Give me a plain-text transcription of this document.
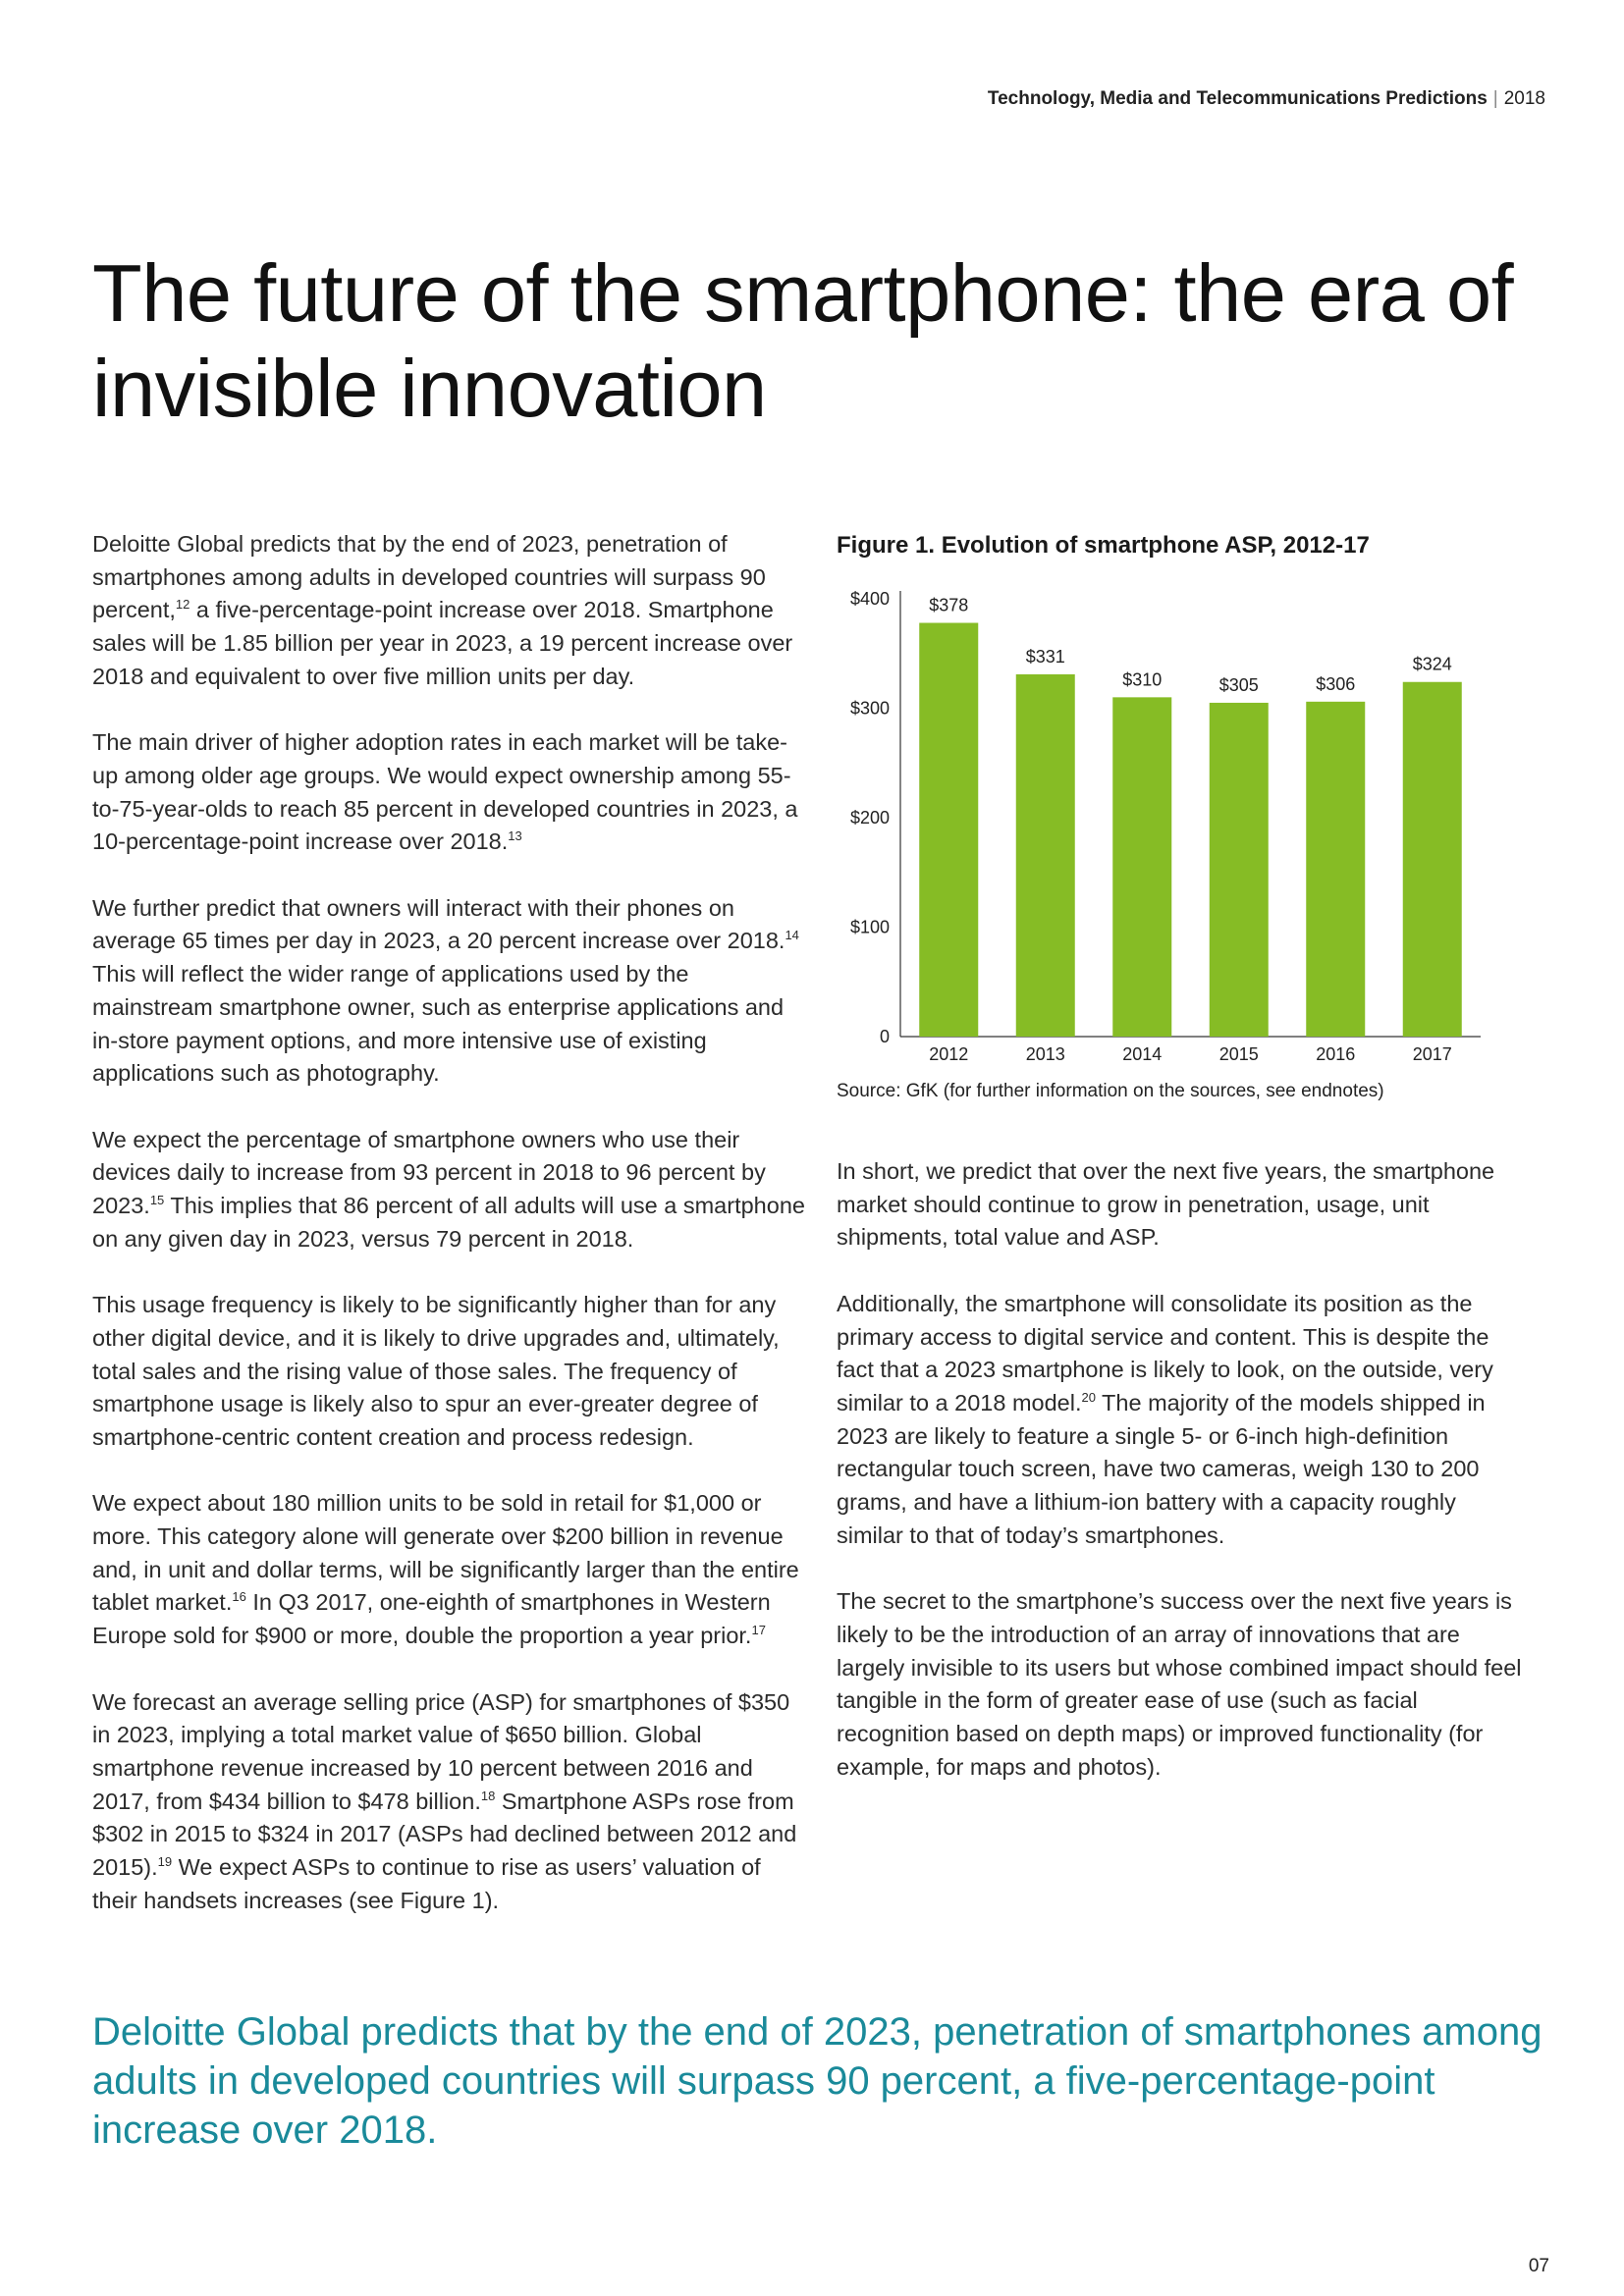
Technology, Media and Telecommunications Predictions | 2018
The future of the smartphone: the era of invisible innovation

Deloitte Global predicts that by the end of 2023, penetration of smartphones among adults in developed countries will surpass 90 percent,$^{12}$ a five-percentage-point increase over 2018. Smartphone sales will be 1.85 billion per year in 2023, a 19 percent increase over 2018 and equivalent to over five million units per day.

The main driver of higher adoption rates in each market will be take-up among older age groups. We would expect ownership among 55-to-75-year-olds to reach 85 percent in developed countries in 2023, a 10-percentage-point increase over 2018.13

We further predict that owners will interact with their phones on average 65 times per day in 2023, a 20 percent increase over 2018.14 This will reflect the wider range of applications used by the mainstream smartphone owner, such as enterprise applications and in-store payment options, and more intensive use of existing applications such as photography.

We expect the percentage of smartphone owners who use their devices daily to increase from 93 percent in 2018 to 96 percent by 2023.15 This implies that 86 percent of all adults will use a smartphone on any given day in 2023, versus 79 percent in 2018.

This usage frequency is likely to be significantly higher than for any other digital device, and it is likely to drive upgrades and, ultimately, total sales and the rising value of those sales. The frequency of smartphone usage is likely also to spur an ever-greater degree of smartphone-centric content creation and process redesign.

We expect about 180 million units to be sold in retail for $1,000 or more. This category alone will generate over $200 billion in revenue and, in unit and dollar terms, will be significantly larger than the entire tablet market.$^{16}$ In Q3 2017, one-eighth of smartphones in Western Europe sold for $900 or more, double the proportion a year prior.$^{17}$

We forecast an average selling price (ASP) for smartphones of $350 in 2023, implying a total market value of $650 billion. Global smartphone revenue increased by 10 percent between 2016 and 2017, from $434 billion to $478 billion.$^{18}$ Smartphone ASPs rose from $302 in 2015 to $324 in 2017 (ASPs had declined between 2012 and 2015).$^{19}$ We expect ASPs to continue to rise as users’ valuation of their handsets increases (see Figure 1).

Figure 1. Evolution of smartphone ASP, 2012-17
0
$100
$200
$300
$400 $378
2012
$331
2013
$310
2014
$305
2015
$306
2016
$324
2017
Source: GfK (for further information on the sources, see endnotes)

In short, we predict that over the next five years, the smartphone market should continue to grow in penetration, usage, unit shipments, total value and ASP.

Additionally, the smartphone will consolidate its position as the primary access to digital service and content. This is despite the fact that a 2023 smartphone is likely to look, on the outside, very similar to a 2018 model.$^{20}$ The majority of the models shipped in 2023 are likely to feature a single 5- or 6-inch high-definition rectangular touch screen, have two cameras, weigh 130 to 200 grams, and have a lithium-ion battery with a capacity roughly similar to that of today’s smartphones.

The secret to the smartphone’s success over the next five years is likely to be the introduction of an array of innovations that are largely invisible to its users but whose combined impact should feel tangible in the form of greater ease of use (such as facial recognition based on depth maps) or improved functionality (for example, for maps and photos).

Deloitte Global predicts that by the end of 2023, penetration of smartphones among adults in developed countries will surpass 90 percent, a five-percentage-point increase over 2018.

07
